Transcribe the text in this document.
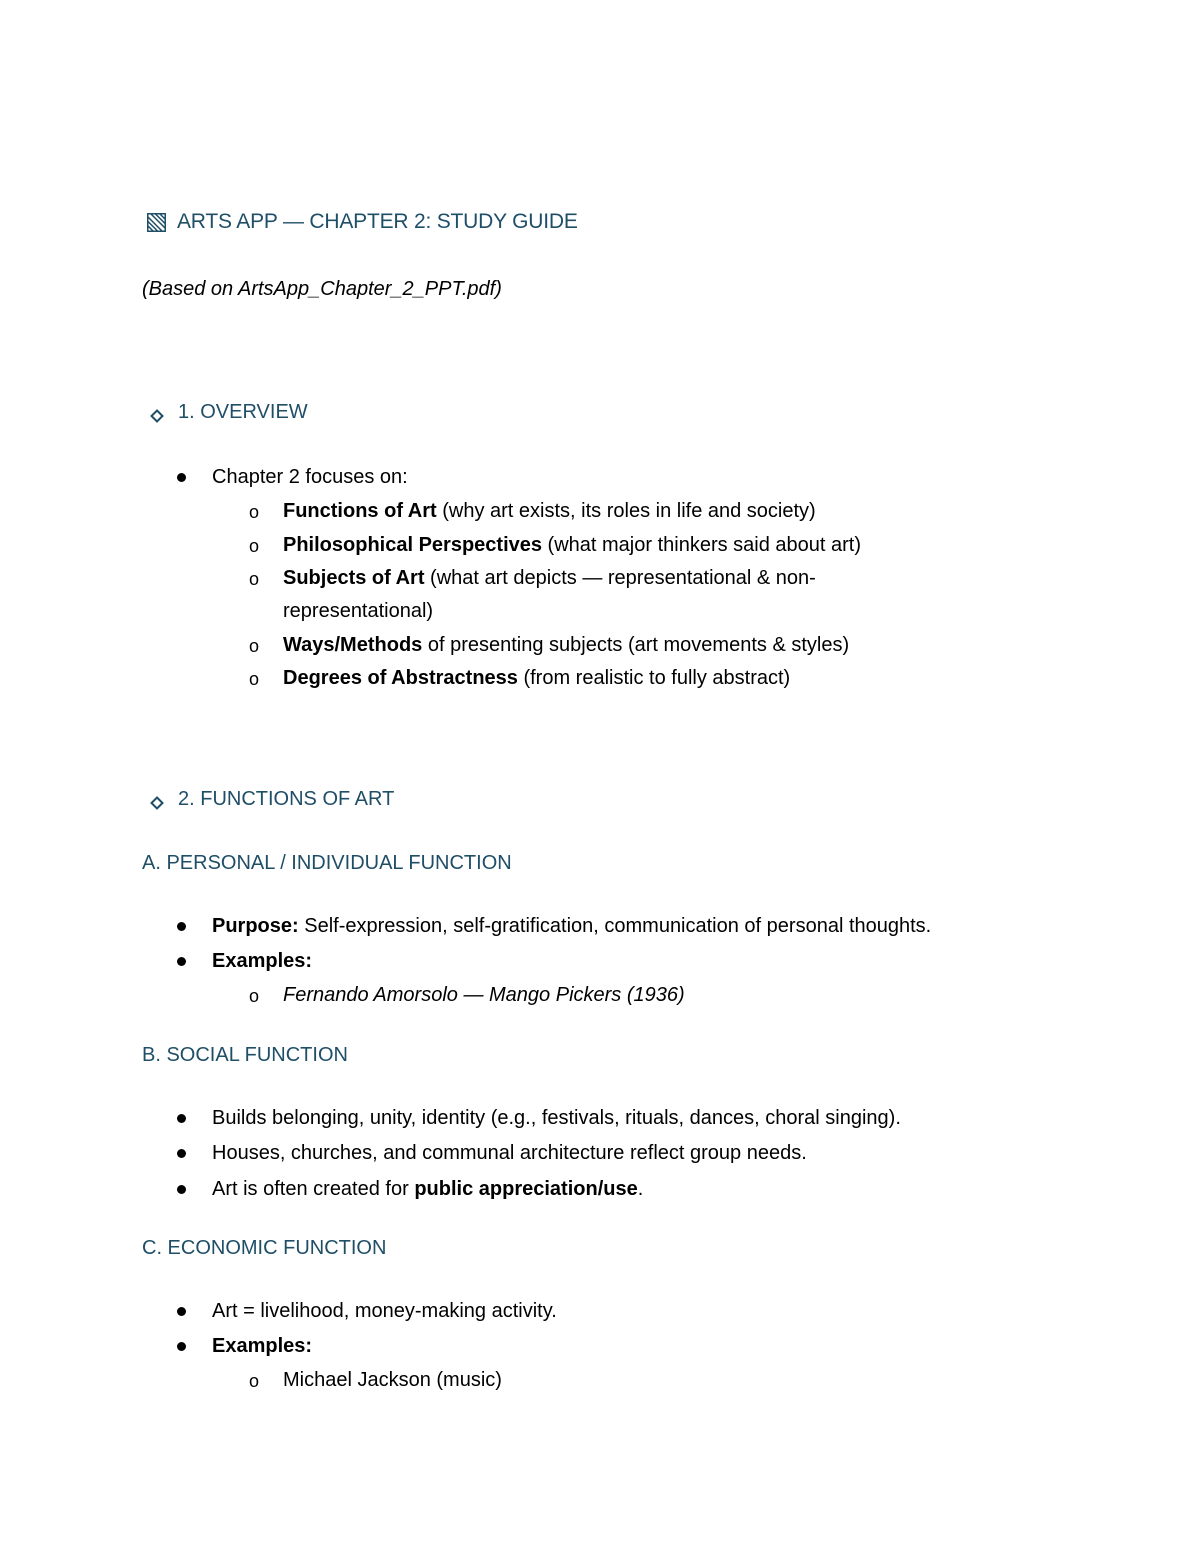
ARTS APP — CHAPTER 2: STUDY GUIDE
(Based on ArtsApp_Chapter_2_PPT.pdf)
1. OVERVIEW
Chapter 2 focuses on:
o Functions of Art (why art exists, its roles in life and society)
o Philosophical Perspectives (what major thinkers said about art)
o Subjects of Art (what art depicts — representational & non-
representational)
o Ways/Methods of presenting subjects (art movements & styles)
o Degrees of Abstractness (from realistic to fully abstract)
2. FUNCTIONS OF ART
A. PERSONAL / INDIVIDUAL FUNCTION
Purpose: Self-expression, self-gratification, communication of personal thoughts.
Examples:
o Fernando Amorsolo — Mango Pickers (1936)
B. SOCIAL FUNCTION
Builds belonging, unity, identity (e.g., festivals, rituals, dances, choral singing).
Houses, churches, and communal architecture reflect group needs.
Art is often created for public appreciation/use.
C. ECONOMIC FUNCTION
Art = livelihood, money-making activity.
Examples:
o Michael Jackson (music)
